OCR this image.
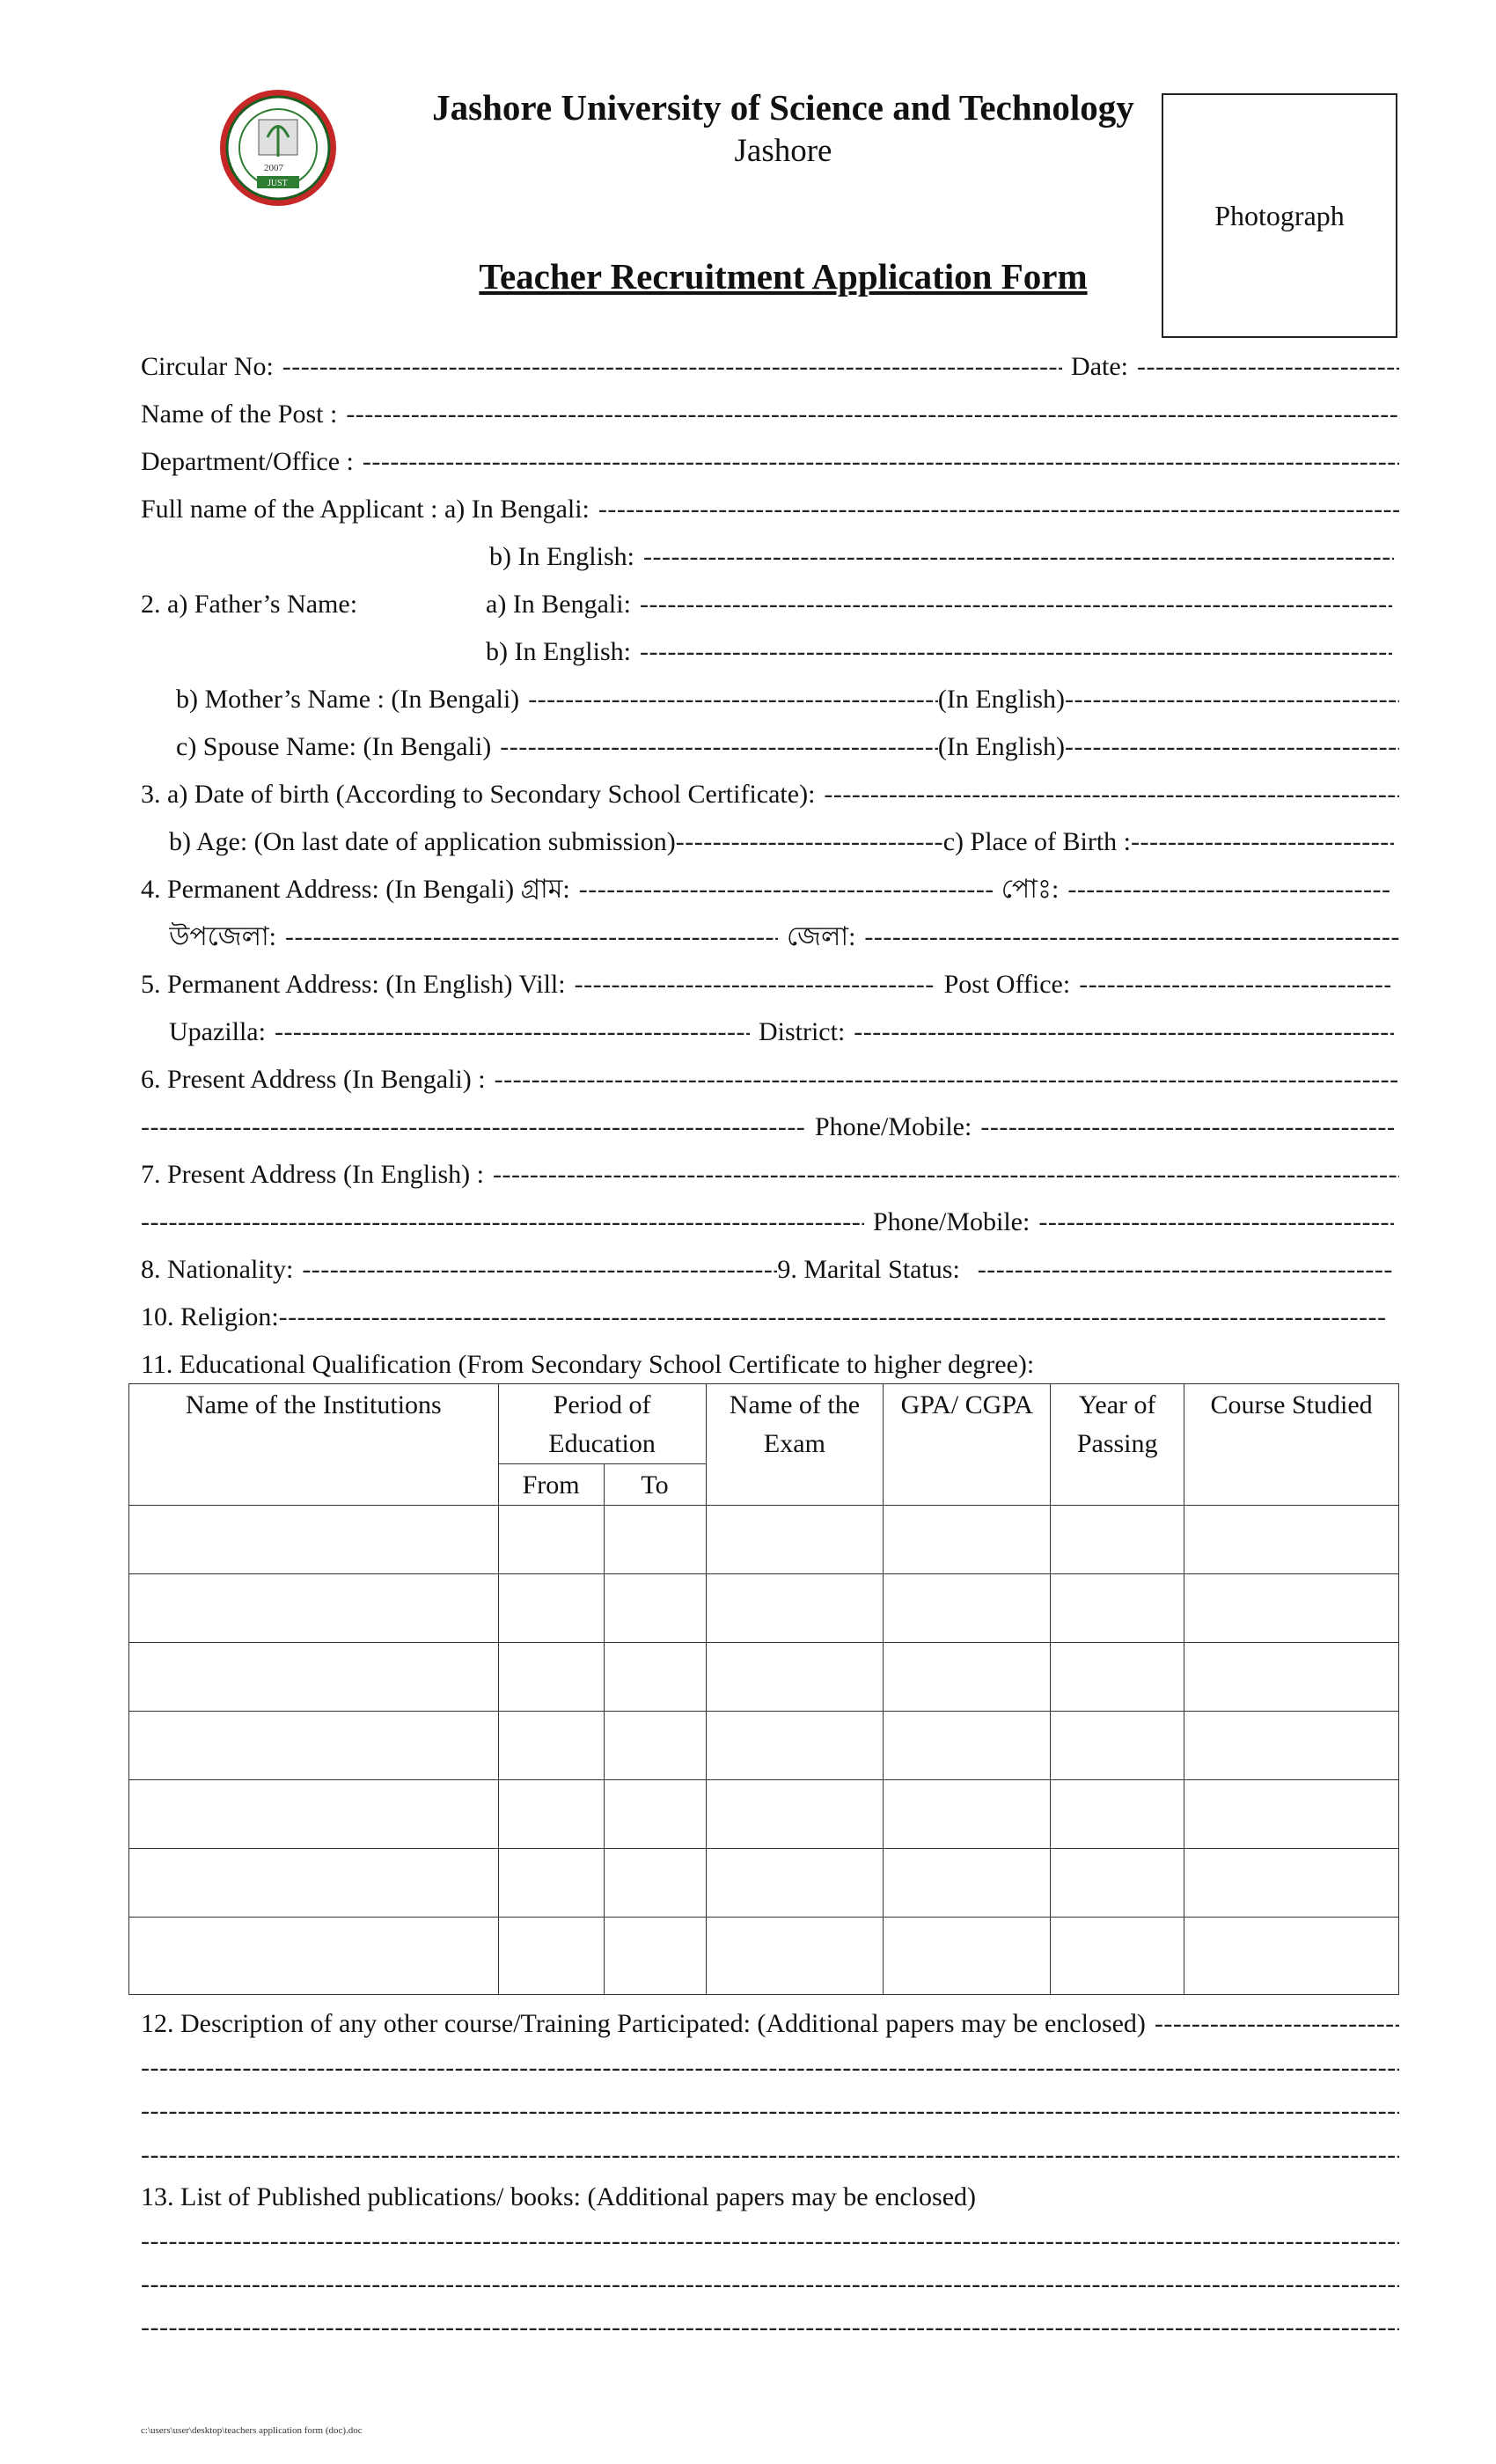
2007
JUST
Jashore University of Science and Technology
Jashore
Photograph
Teacher Recruitment Application Form
Circular No: -----	Date:
-----
Name of the Post :
-----
Department/Office :
-----
Full name of the Applicant : a) In Bengali:
-----
b) In English:
-----
2. a) Father’s Name:	a) In Bengali:
-----
b) In English:
-----
b) Mother’s Name : (In Bengali) -----	(In English)
-----
c) Spouse Name: (In Bengali) -----	(In English)
-----
3. a) Date of birth (According to Secondary School Certificate):
-----
b) Age: (On last date of application submission) -----	c) Place of Birth :
-----
4. Permanent Address: (In Bengali) গ্রাম: -----	পোঃ:
-----
উপজেলা: -----	জেলা:
-----
5. Permanent Address: (In English) Vill: -----	Post Office:
-----
Upazilla: -----	District:
-----
6. Present Address (In Bengali) :
-----
-----
Phone/Mobile:
-----
7. Present Address (In English) :
-----
-----
Phone/Mobile:
-----
8. Nationality: -----	9. Marital Status:
-----
10. Religion:
-----
11. Educational Qualification (From Secondary School Certificate to higher degree):
Name of the Institutions	Period of Education		Name of the Exam	GPA/ CGPA	Year of Passing	Course Studied
	From	To				

12. Description of any other course/Training Participated: (Additional papers may be enclosed)
-----
-----
-----
-----
13. List of Published publications/ books: (Additional papers may be enclosed)
-----
-----
-----
c:\users\user\desktop\teachers application form (doc).doc
